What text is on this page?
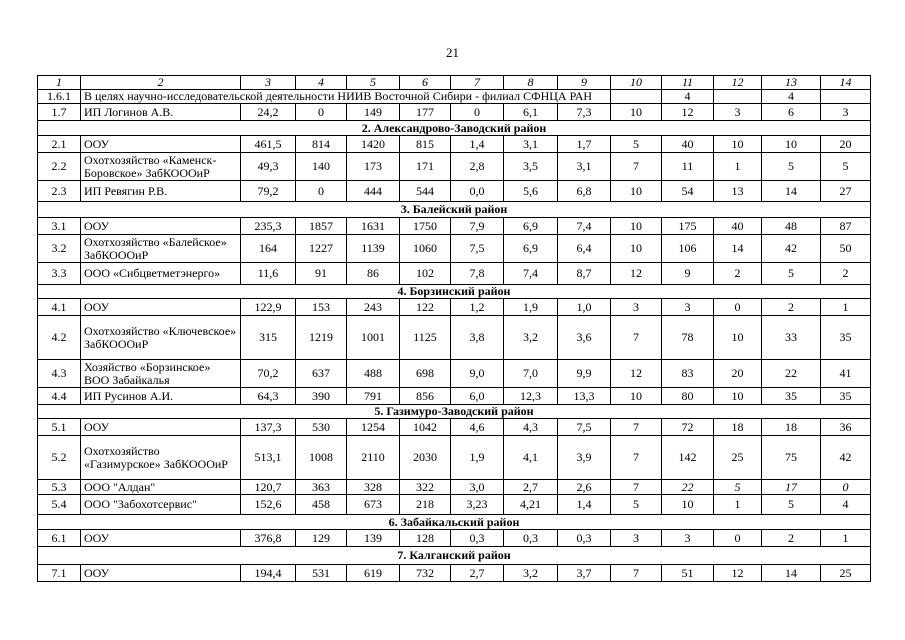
21
1	2	3	4	5	6	7	8	9	10	11	12	13	14
1.6.1	В целях научно-исследовательской деятельности НИИВ Восточной Сибири - филиал СФНЦА РАН									4		4	
1.7	ИП Логинов А.В.	24,2	0	149	177	0	6,1	7,3	10	12	3	6	3
2. Александрово-Заводский район													
2.1	ООУ	461,5	814	1420	815	1,4	3,1	1,7	5	40	10	10	20
2.2	Охотхозяйство «Каменск-Боровское» ЗабКОООиР	49,3	140	173	171	2,8	3,5	3,1	7	11	1	5	5
2.3	ИП Ревягин Р.В.	79,2	0	444	544	0,0	5,6	6,8	10	54	13	14	27
3. Балейский район													
3.1	ООУ	235,3	1857	1631	1750	7,9	6,9	7,4	10	175	40	48	87
3.2	Охотхозяйство «Балейское» ЗабКОООиР	164	1227	1139	1060	7,5	6,9	6,4	10	106	14	42	50
3.3	ООО «Сибцветметэнерго»	11,6	91	86	102	7,8	7,4	8,7	12	9	2	5	2
4. Борзинский район													
4.1	ООУ	122,9	153	243	122	1,2	1,9	1,0	3	3	0	2	1
4.2	Охотхозяйство «Ключевское» ЗабКОООиР	315	1219	1001	1125	3,8	3,2	3,6	7	78	10	33	35
4.3	Хозяйство «Борзинское» ВОО Забайкалья	70,2	637	488	698	9,0	7,0	9,9	12	83	20	22	41
4.4	ИП Русинов А.И.	64,3	390	791	856	6,0	12,3	13,3	10	80	10	35	35
5. Газимуро-Заводский район													
5.1	ООУ	137,3	530	1254	1042	4,6	4,3	7,5	7	72	18	18	36
5.2	Охотхозяйство «Газимурское» ЗабКОООиР	513,1	1008	2110	2030	1,9	4,1	3,9	7	142	25	75	42
5.3	ООО "Алдан"	120,7	363	328	322	3,0	2,7	2,6	7	22	5	17	0
5.4	ООО "Забохотсервис"	152,6	458	673	218	3,23	4,21	1,4	5	10	1	5	4
6. Забайкальский район													
6.1	ООУ	376,8	129	139	128	0,3	0,3	0,3	3	3	0	2	1
7. Калганский район													
7.1	ООУ	194,4	531	619	732	2,7	3,2	3,7	7	51	12	14	25
